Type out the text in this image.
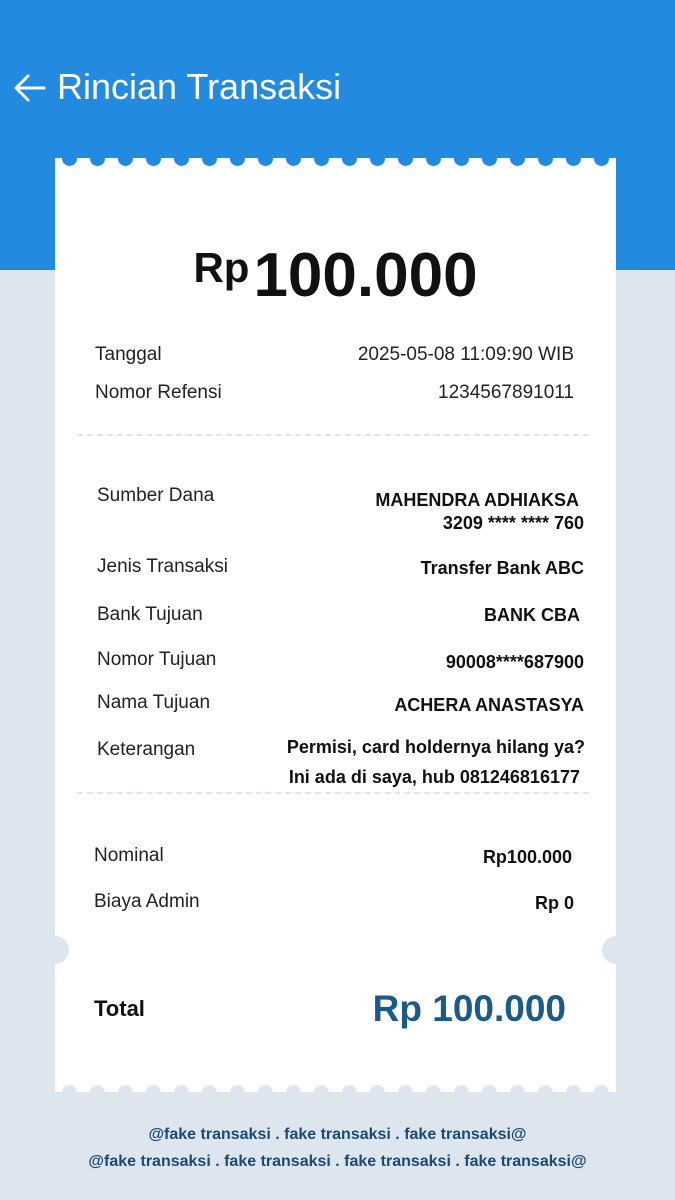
Rincian Transaksi
Rp100.000
Tanggal	2025-05-08 11:09:90 WIB
Nomor Refensi	1234567891011
Sumber Dana	MAHENDRA ADHIAKSA
3209 **** **** 760
Jenis Transaksi	Transfer Bank ABC
Bank Tujuan	BANK CBA
Nomor Tujuan	90008****687900
Nama Tujuan	ACHERA ANASTASYA
Keterangan	Permisi, card holdernya hilang ya?
Ini ada di saya, hub 081246816177
Nominal	Rp100.000
Biaya Admin	Rp 0
Total	Rp 100.000
@fake transaksi . fake transaksi . fake transaksi@
@fake transaksi . fake transaksi . fake transaksi . fake transaksi@
